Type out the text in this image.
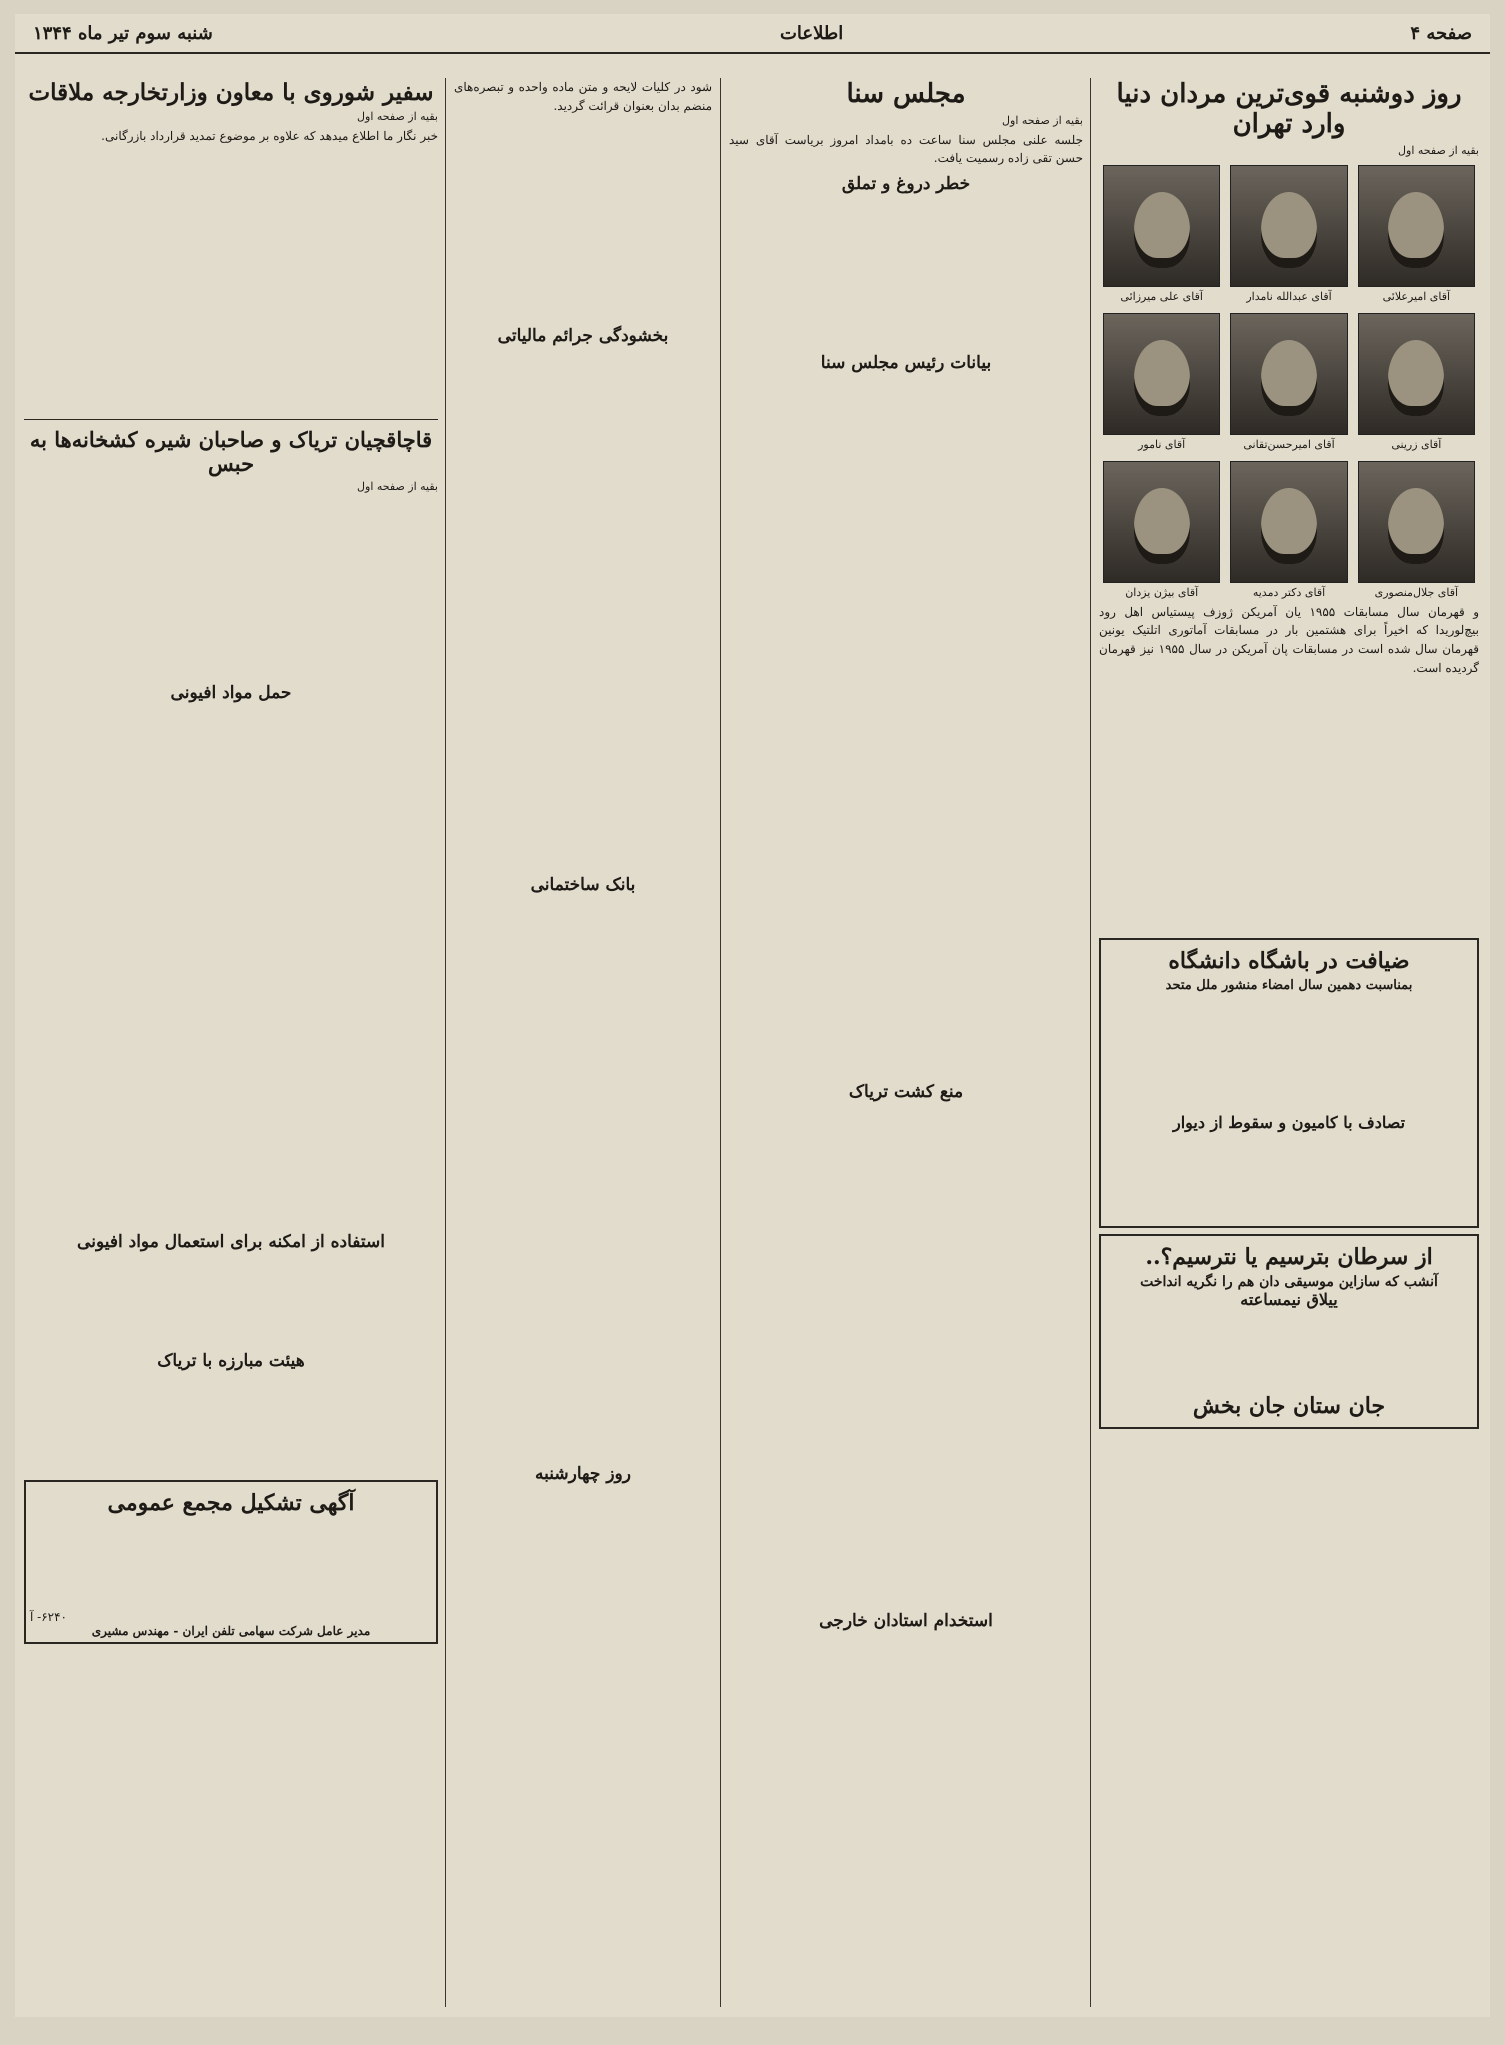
صفحه ۴
اطلاعات
شنبه سوم تیر ماه ۱۳۴۴
روز دوشنبه قوی‌ترین مردان دنیا وارد تهران
بقیه از صفحه اول
آقای امیرعلائی
آقای عبدالله نامدار
آقای علی میرزائی
آقای زرینی
آقای امیرحسن‌تقانی
آقای نامور
آقای جلال‌منصوری
آقای دکتر دمدیه
آقای بیژن یزدان

و قهرمان سال مسابقات ۱۹۵۵ یان آمریکن ژوزف پیستیاس اهل رود بیچ‌لوریدا که اخیراً برای هشتمین بار در مسابقات آماتوری اتلتیک یونین قهرمان سال شده است در مسابقات پان آمریکن در سال ۱۹۵۵ نیز قهرمان گردیده است.

ضیافت در باشگاه دانشگاه
بمناسبت دهمین سال امضاء منشور ملل متحد
تصادف با کامیون و سقوط از دیوار
از سرطان بترسیم یا نترسیم؟..
آنشب که سازاین موسیقی دان هم را نگریه انداخت
ییلاق نیمساعته
جان ستان جان بخش
مجلس سنا
بقیه از صفحه اول

جلسه علنی مجلس سنا ساعت ده بامداد امروز برياست آقای سید حسن تقی زاده رسمیت یافت.

خطر دروغ و تملق
بیانات رئیس مجلس سنا
منع کشت تریاک
استخدام استادان خارجی

شود در کلیات لایحه و متن ماده واحده و تبصره‌های منضم بدان بعنوان قرائت گردید.

بخشودگی جرائم مالیاتی
بانک ساختمانی
روز چهارشنبه
سفیر شوروی با معاون وزارتخارجه ملاقات
بقیه از صفحه اول

خبر نگار ما اطلاع میدهد که علاوه بر موضوع تمدید قرارداد بازرگانی.

قاچاقچیان تریاک و صاحبان شیره کشخانه‌ها به حبس
بقیه از صفحه اول
حمل مواد افیونی
استفاده از امکنه برای استعمال مواد افیونی
هیئت مبارزه با تریاک
آگهی تشکیل مجمع عمومی
۶۲۴۰- آ
مدیر عامل شرکت سهامی تلفن ایران - مهندس مشیری
